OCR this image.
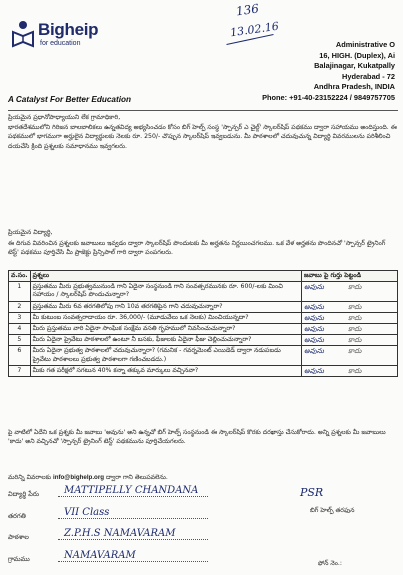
Bigheip
for education
136
13.02.16
Administrative O
16, HIGH. (Duplex), Ai
Balajinagar, Kukatpally
Hyderabad - 72
Andhra Pradesh, INDIA
Phone: +91-40-23152224 / 9849757705
A Catalyst For Better Education
ప్రియమైన ప్రధానోపాధ్యాయుని లేక గ్రామాధికారి,
భారతదేశములోని గిరిజన బాలబాలికలు ఉన్నతవిద్య అభ్యసించడం కోసం బిగ్ హెల్ప్ సంస్థ 'స్పాన్సర్ ఎ చైల్డ్' స్కాలర్‌షిప్ పథకము ద్వారా సహాయము అందిస్తుంది. ఈ పథకములో భాగముగా అర్హులైన విద్యార్థులకు నెలకు రూ. 250/- చొప్పున స్కాలర్‌షిప్ ఇవ్వబడును. మీ పాఠశాలలో చదువుచున్న విద్యార్థి వివరములను పరిశీలించి దయచేసి క్రింది ప్రశ్నలకు సమాధానము ఇవ్వగలరు.
ప్రియమైన విద్యార్థి,
ఈ దిగువ వివరించిన ప్రశ్నలకు జవాబులు ఇవ్వడం ద్వారా స్కాలర్‌షిప్ పొందుటకు మీ అర్హతను నిర్ణయించగలము. ఒక వేళ అర్హతను పొందినచో 'స్పాన్సర్ ట్రైనింగ్ టెస్ట్' పథకము పూర్తిచేసి మీ ప్రాజెక్టు ప్రిన్సిపాల్ గారి ద్వారా పంపగలరు.
వ.సం.	ప్రశ్నలు	జవాబు పై గుర్తు పెట్టండి
1	ప్రస్తుతము మీరు ప్రభుత్వమునుండి గాని ఏదైనా సంస్థనుండి గాని సంవత్సరమునకు రూ. 600/-లకు మించి సహాయం / స్కాలర్‌షిప్ పొందుచున్నారా?	అవును కాదు
2	ప్రస్తుతము మీరు 6వ తరగతిలోపు గాని 10వ తరగతిపైన గాని చదువుచున్నారా?	అవును కాదు
3	మీ కుటుంబ సంవత్సరాదాయం రూ. 36,000/- (మూడువేలు ఒక నెలకు) మించియున్నదా?	అవును కాదు
4	మీరు ప్రస్తుతము వారి ఏదైనా సాంఘిక సంక్షేమ వసతి గృహములో నివసించుచున్నారా?	అవును కాదు
5	మీరు ఏదైనా ప్రైవేటు పాఠశాలలో ఉంటూ నీ బసకు, ఫీజులకు ఏదైనా ఫీజు చెల్లించుచున్నారా?	అవును కాదు
6	మీరు ఏదైనా ప్రభుత్వ పాఠశాలలో చదువుచున్నారా? (గమనిక - గవర్నమెంట్ ఎయిడెడ్ ద్వారా నడుపబడు ప్రైవేటు పాఠశాలలు ప్రభుత్వ పాఠశాలగా గణించబడదు.)	అవును కాదు
7	మీకు గత పరీక్షలో సగటున 40% కన్నా తక్కువ మార్కులు వచ్చినవా?	అవును కాదు
పై వాటిలో ఏదేని ఒక ప్రశ్నకు మీ జవాబు 'అవును' అని ఉన్నచో బిగ్ హెల్ప్ సంస్థనుండి ఈ స్కాలర్‌షిప్ కొరకు దరఖాస్తు చేసుకోరాదు. అన్ని ప్రశ్నలకు మీ జవాబులు 'కాదు' అని వచ్చినచో 'స్పాన్సర్ ట్రైనింగ్ టెస్ట్' పథకమును పూర్తిచేయగలరు.
మరిన్ని వివరాలకు info@bighelp.org ద్వారా గాని తెలుపవలెను.
విద్యార్థి పేరు MATTIPELLY CHANDANA
తరగతి	VII Class
పాఠశాల	Z.P.H.S NAMAVARAM
గ్రామము	NAMAVARAM
PSR
బిగ్ హెల్ప్ తరఫున
ఫోన్ నెం.:
